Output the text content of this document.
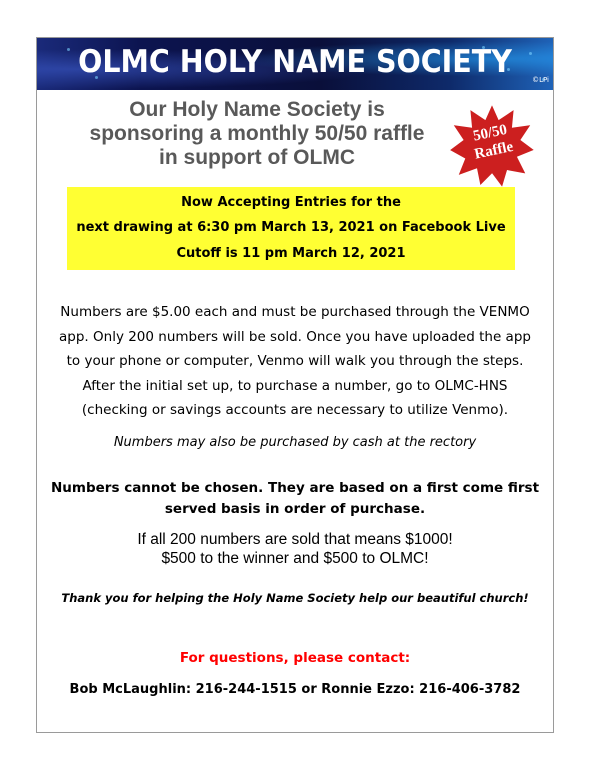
OLMC HOLY NAME SOCIETY	©LPi
Our Holy Name Society is
sponsoring a monthly 50/50 raffle
in support of OLMC
50/50
Raffle
Now Accepting Entries for the
next drawing at 6:30 pm March 13, 2021 on Facebook Live
Cutoff is 11 pm March 12, 2021
Numbers are $5.00 each and must be purchased through the VENMO
app. Only 200 numbers will be sold. Once you have uploaded the app
to your phone or computer, Venmo will walk you through the steps.
After the initial set up, to purchase a number, go to OLMC-HNS
(checking or savings accounts are necessary to utilize Venmo).
Numbers may also be purchased by cash at the rectory
Numbers cannot be chosen. They are based on a first come first
served basis in order of purchase.
If all 200 numbers are sold that means $1000!
$500 to the winner and $500 to OLMC!
Thank you for helping the Holy Name Society help our beautiful church!
For questions, please contact:
Bob McLaughlin: 216-244-1515 or Ronnie Ezzo: 216-406-3782
